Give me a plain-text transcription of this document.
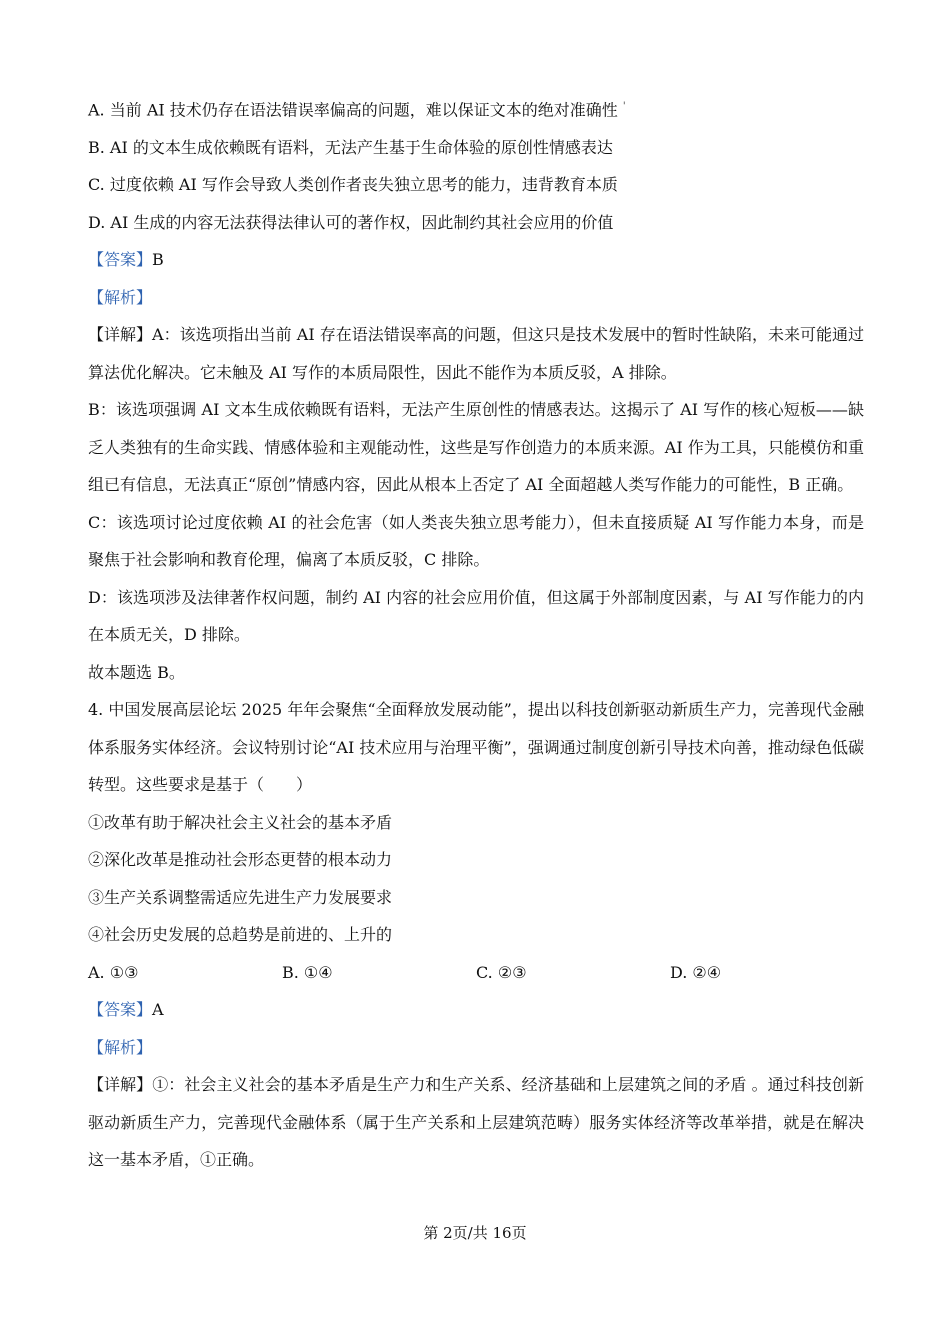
A. 当前 AI 技术仍存在语法错误率偏高的问题，难以保证文本的绝对准确性 '
B. AI 的文本生成依赖既有语料，无法产生基于生命体验的原创性情感表达
C. 过度依赖 AI 写作会导致人类创作者丧失独立思考的能力，违背教育本质
D. AI 生成的内容无法获得法律认可的著作权，因此制约其社会应用的价值
【答案】B
【解析】
【详解】A：该选项指出当前 AI 存在语法错误率高的问题，但这只是技术发展中的暂时性缺陷，未来可能通过算法优化解决。它未触及 AI 写作的本质局限性，因此不能作为本质反驳，A 排除。
B：该选项强调 AI 文本生成依赖既有语料，无法产生原创性的情感表达。这揭示了 AI 写作的核心短板——缺乏人类独有的生命实践、情感体验和主观能动性，这些是写作创造力的本质来源。AI 作为工具，只能模仿和重组已有信息，无法真正“原创”情感内容，因此从根本上否定了 AI 全面超越人类写作能力的可能性，B 正确。
C：该选项讨论过度依赖 AI 的社会危害（如人类丧失独立思考能力），但未直接质疑 AI 写作能力本身，而是聚焦于社会影响和教育伦理，偏离了本质反驳，C 排除。
D：该选项涉及法律著作权问题，制约 AI 内容的社会应用价值，但这属于外部制度因素，与 AI 写作能力的内在本质无关，D 排除。
故本题选 B。
4. 中国发展高层论坛 2025 年年会聚焦“全面释放发展动能”，提出以科技创新驱动新质生产力，完善现代金融体系服务实体经济。会议特别讨论“AI 技术应用与治理平衡”，强调通过制度创新引导技术向善，推动绿色低碳转型。这些要求是基于（　　）
①改革有助于解决社会主义社会的基本矛盾
②深化改革是推动社会形态更替的根本动力
③生产关系调整需适应先进生产力发展要求
④社会历史发展的总趋势是前进的、上升的
A. ①③	B. ①④	C. ②③	D. ②④
【答案】A
【解析】
【详解】①：社会主义社会的基本矛盾是生产力和生产关系、经济基础和上层建筑之间的矛盾 。通过科技创新驱动新质生产力，完善现代金融体系（属于生产关系和上层建筑范畴）服务实体经济等改革举措，就是在解决这一基本矛盾，①正确。
第 2页/共 16页
